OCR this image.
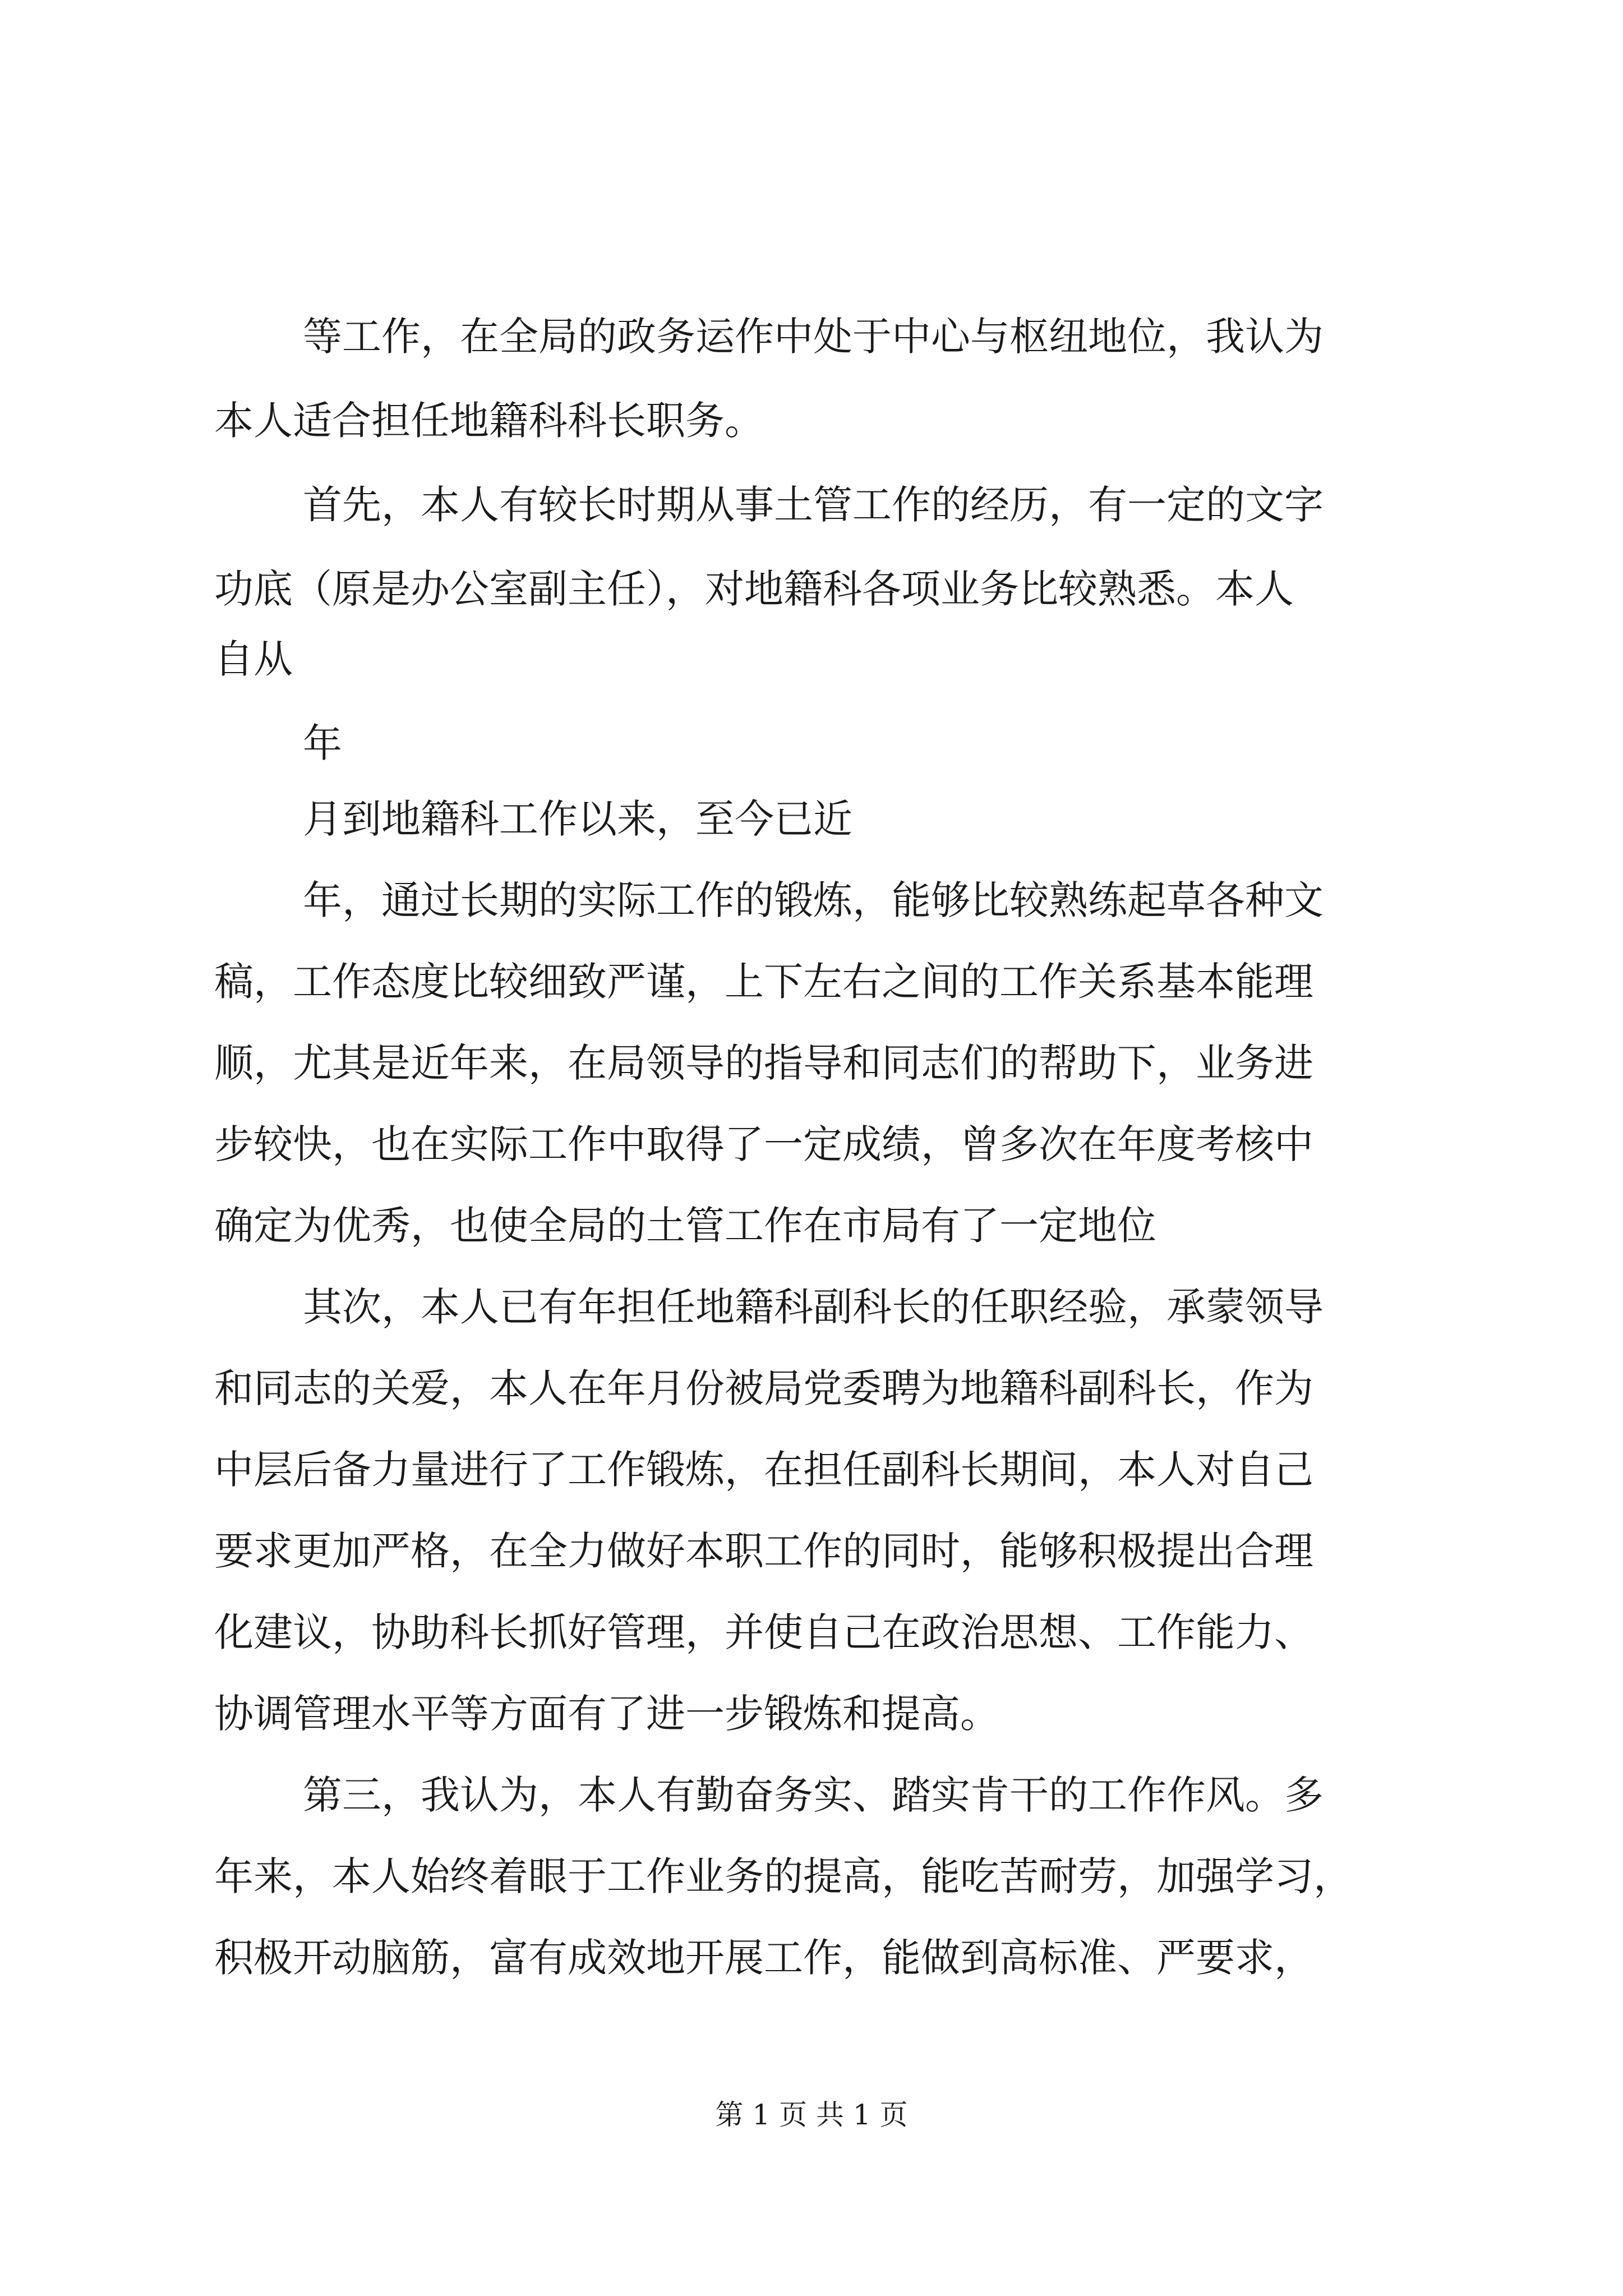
等工作，在全局的政务运作中处于中心与枢纽地位，我认为
本人适合担任地籍科科长职务。
首先，本人有较长时期从事土管工作的经历，有一定的文字
功底（原是办公室副主任），对地籍科各项业务比较熟悉。本人
自从
年
月到地籍科工作以来，至今已近
年，通过长期的实际工作的锻炼，能够比较熟练起草各种文
稿，工作态度比较细致严谨，上下左右之间的工作关系基本能理
顺，尤其是近年来，在局领导的指导和同志们的帮助下，业务进
步较快，也在实际工作中取得了一定成绩，曾多次在年度考核中
确定为优秀，也使全局的土管工作在市局有了一定地位
其次，本人已有年担任地籍科副科长的任职经验，承蒙领导
和同志的关爱，本人在年月份被局党委聘为地籍科副科长，作为
中层后备力量进行了工作锻炼，在担任副科长期间，本人对自己
要求更加严格，在全力做好本职工作的同时，能够积极提出合理
化建议，协助科长抓好管理，并使自己在政治思想、工作能力、
协调管理水平等方面有了进一步锻炼和提高。
第三，我认为，本人有勤奋务实、踏实肯干的工作作风。多
年来，本人始终着眼于工作业务的提高，能吃苦耐劳，加强学习，
积极开动脑筋，富有成效地开展工作，能做到高标准、严要求，
第 1 页 共 1 页
